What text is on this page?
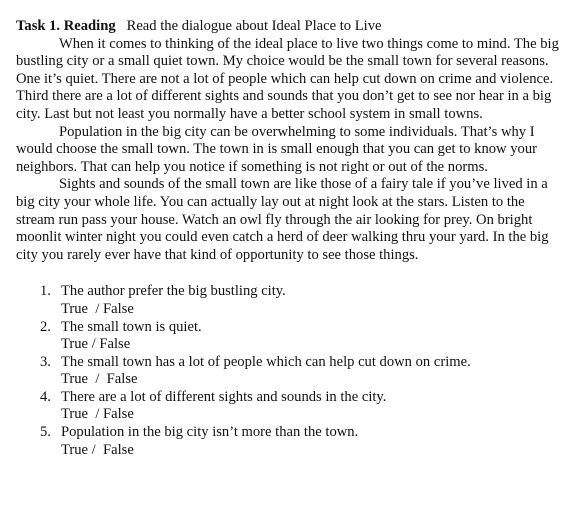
Task 1. Reading Read the dialogue about Ideal Place to Live

When it comes to thinking of the ideal place to live two things come to mind. The big bustling city or a small quiet town. My choice would be the small town for several reasons. One it’s quiet. There are not a lot of people which can help cut down on crime and violence. Third there are a lot of different sights and sounds that you don’t get to see nor hear in a big city. Last but not least you normally have a better school system in small towns.

Population in the big city can be overwhelming to some individuals. That’s why I would choose the small town. The town in is small enough that you can get to know your neighbors. That can help you notice if something is not right or out of the norms.

Sights and sounds of the small town are like those of a fairy tale if you’ve lived in a big city your whole life. You can actually lay out at night look at the stars. Listen to the stream run pass your house. Watch an owl fly through the air looking for prey. On bright moonlit winter night you could even catch a herd of deer walking thru your yard. In the big city you rarely ever have that kind of opportunity to see those things.

1. The author prefer the big bustling city.
True  / False
2. The small town is quiet.
True / False
3. The small town has a lot of people which can help cut down on crime.
True  /  False
4. There are a lot of different sights and sounds in the city.
True  / False
5. Population in the big city isn’t more than the town.
True /  False
